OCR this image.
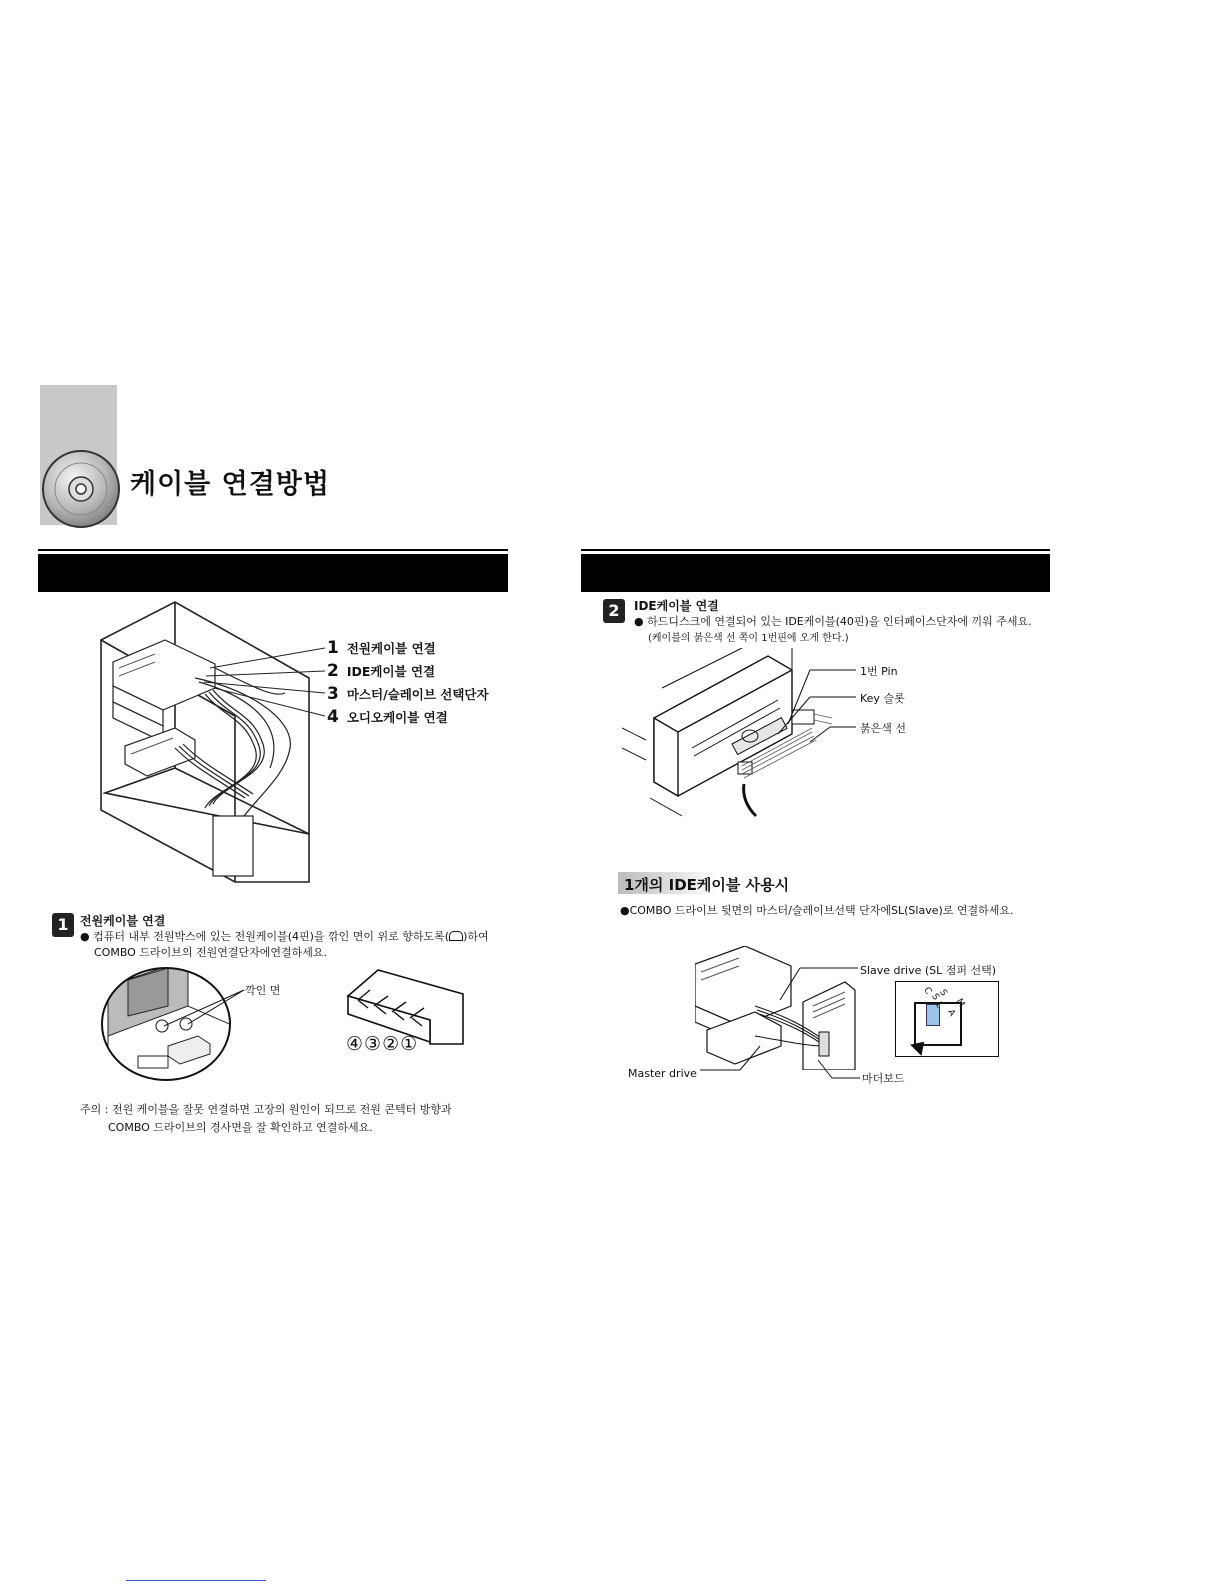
케이블 연결방법
1 전원케이블 연결
2 IDE케이블 연결
3 마스터/슬레이브 선택단자
4 오디오케이블 연결
1 전원케이블 연결
● 컴퓨터 내부 전원박스에 있는 전원케이블(4핀)을 깎인 면이 위로 향하도록( )하여
COMBO 드라이브의 전원연결단자에연결하세요.
깍인 면
④③②①
주의 : 전원 케이블을 잘못 연결하면 고장의 원인이 되므로 전원 콘텍터 방향과
COMBO 드라이브의 경사면을 잘 확인하고 연결하세요.
2	IDE케이블 연결
● 하드디스크에 연결되어 있는 IDE케이블(40핀)을 인터페이스단자에 끼워 주세요.
(케이블의 붉은색 선 쪽이 1번핀에 오게 한다.)
1번 Pin
Key 슬롯
붉은색 선
1개의 IDE케이블 사용시
●COMBO 드라이브 뒷면의 마스터/슬레이브선택 단자에SL(Slave)로 연결하세요.
Slave drive (SL 점퍼 선택)
Master drive	마더보드
C
S
S
L M
A
